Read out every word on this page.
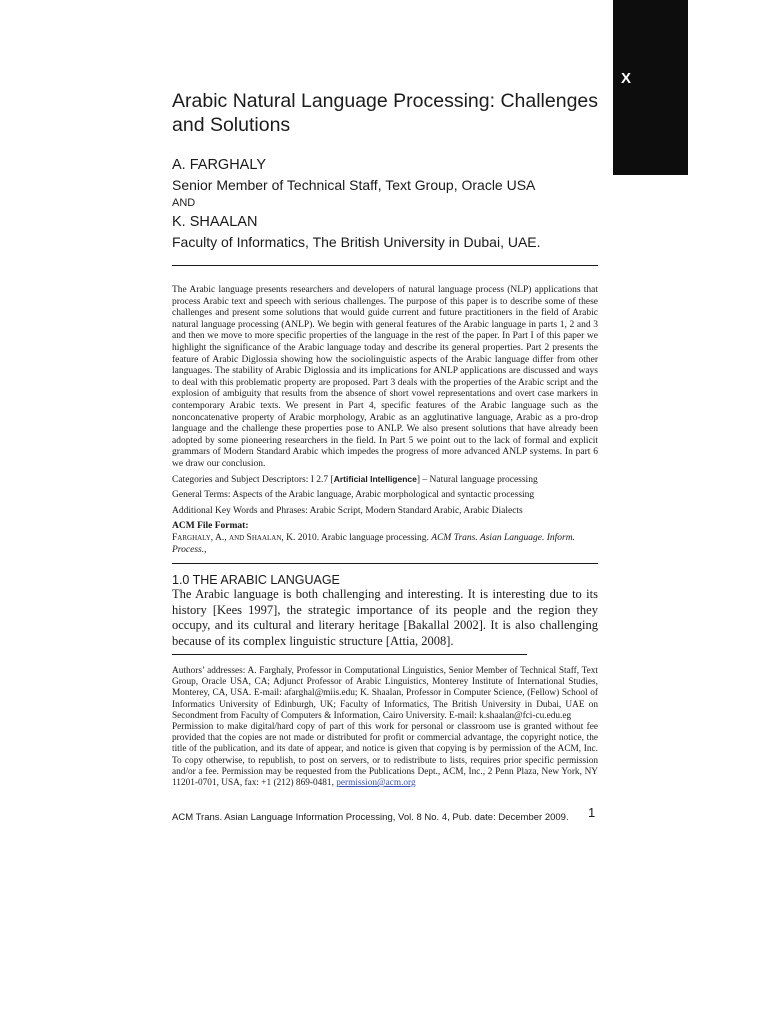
X
Arabic Natural Language Processing: Challenges
and Solutions
A. FARGHALY
Senior Member of Technical Staff, Text Group, Oracle USA
AND
K. SHAALAN
Faculty of Informatics, The British University in Dubai, UAE.
The Arabic language presents researchers and developers of natural language process (NLP) applications that process Arabic text and speech with serious challenges. The purpose of this paper is to describe some of these challenges and present some solutions that would guide current and future practitioners in the field of Arabic natural language processing (ANLP). We begin with general features of the Arabic language in parts 1, 2 and 3 and then we move to more specific properties of the language in the rest of the paper. In Part I of this paper we highlight the significance of the Arabic language today and describe its general properties. Part 2 presents the feature of Arabic Diglossia showing how the sociolinguistic aspects of the Arabic language differ from other languages. The stability of Arabic Diglossia and its implications for ANLP applications are discussed and ways to deal with this problematic property are proposed. Part 3 deals with the properties of the Arabic script and the explosion of ambiguity that results from the absence of short vowel representations and overt case markers in contemporary Arabic texts. We present in Part 4, specific features of the Arabic language such as the nonconcatenative property of Arabic morphology, Arabic as an agglutinative language, Arabic as a pro-drop language and the challenge these properties pose to ANLP. We also present solutions that have already been adopted by some pioneering researchers in the field. In Part 5 we point out to the lack of formal and explicit grammars of Modern Standard Arabic which impedes the progress of more advanced ANLP systems. In part 6 we draw our conclusion.
Categories and Subject Descriptors: I 2.7 [Artificial Intelligence] – Natural language processing
General Terms: Aspects of the Arabic language, Arabic morphological and syntactic processing
Additional Key Words and Phrases: Arabic Script, Modern Standard Arabic, Arabic Dialects
ACM File Format:
Farghaly, A., and Shaalan, K. 2010. Arabic language processing. ACM Trans. Asian Language. Inform. Process.,
1.0 THE ARABIC LANGUAGE
The Arabic language is both challenging and interesting. It is interesting due to its history [Kees 1997], the strategic importance of its people and the region they occupy, and its cultural and literary heritage [Bakallal 2002]. It is also challenging because of its complex linguistic structure [Attia, 2008].
Authors’ addresses: A. Farghaly, Professor in Computational Linguistics, Senior Member of Technical Staff, Text Group, Oracle USA, CA; Adjunct Professor of Arabic Linguistics, Monterey Institute of International Studies, Monterey, CA, USA. E-mail: afarghal@miis.edu; K. Shaalan, Professor in Computer Science, (Fellow) School of Informatics University of Edinburgh, UK; Faculty of Informatics, The British University in Dubai, UAE on Secondment from Faculty of Computers & Information, Cairo University. E-mail: k.shaalan@fci-cu.edu.eg
Permission to make digital/hard copy of part of this work for personal or classroom use is granted without fee provided that the copies are not made or distributed for profit or commercial advantage, the copyright notice, the title of the publication, and its date of appear, and notice is given that copying is by permission of the ACM, Inc. To copy otherwise, to republish, to post on servers, or to redistribute to lists, requires prior specific permission and/or a fee. Permission may be requested from the Publications Dept., ACM, Inc., 2 Penn Plaza, New York, NY 11201-0701, USA, fax: +1 (212) 869-0481, permission@acm.org
ACM Trans. Asian Language Information Processing, Vol. 8 No. 4, Pub. date: December 2009. 1
